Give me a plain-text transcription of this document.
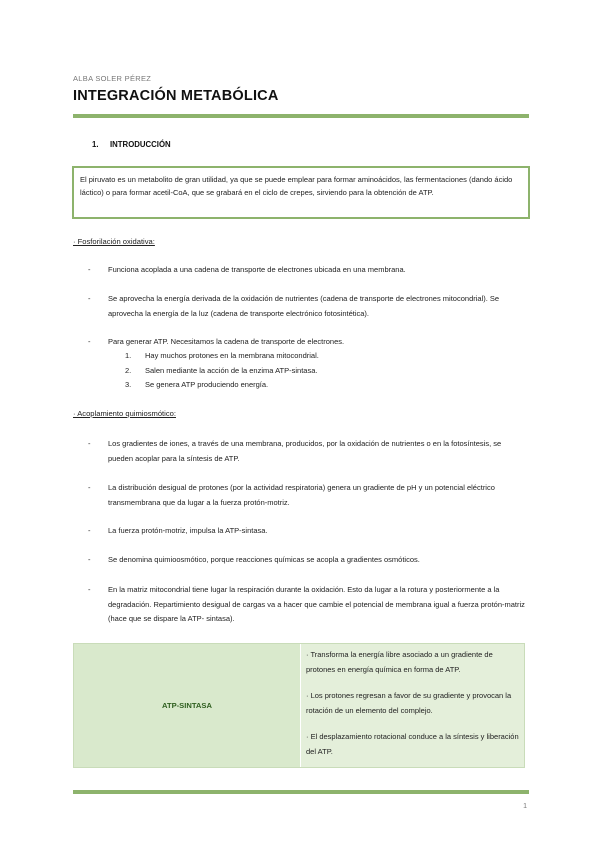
ALBA SOLER PÉREZ
INTEGRACIÓN METABÓLICA
1. INTRODUCCIÓN
El piruvato es un metabolito de gran utilidad, ya que se puede emplear para formar aminoácidos, las fermentaciones (dando ácido láctico) o para formar acetil-CoA, que se grabará en el ciclo de crepes, sirviendo para la obtención de ATP.
· Fosforilación oxidativa:
- Funciona acoplada a una cadena de transporte de electrones ubicada en una membrana.
- Se aprovecha la energía derivada de la oxidación de nutrientes (cadena de transporte de electrones mitocondrial). Se aprovecha la energía de la luz (cadena de transporte electrónico fotosintética).
- Para generar ATP. Necesitamos la cadena de transporte de electrones.
1. Hay muchos protones en la membrana mitocondrial.
2. Salen mediante la acción de la enzima ATP-sintasa.
3. Se genera ATP produciendo energía.
· Acoplamiento quimiosmótico:
- Los gradientes de iones, a través de una membrana, producidos, por la oxidación de nutrientes o en la fotosíntesis, se pueden acoplar para la síntesis de ATP.
- La distribución desigual de protones (por la actividad respiratoria) genera un gradiente de pH y un potencial eléctrico transmembrana que da lugar a la fuerza protón-motriz.
- La fuerza protón-motriz, impulsa la ATP-sintasa.
- Se denomina quimioosmótico, porque reacciones químicas se acopla a gradientes osmóticos.
- En la matriz mitocondrial tiene lugar la respiración durante la oxidación. Esto da lugar a la rotura y posteriormente a la degradación. Repartimiento desigual de cargas va a hacer que cambie el potencial de membrana igual a fuerza protón-matriz (hace que se dispare la ATP- sintasa).
ATP-SINTASA

· Transforma la energía libre asociado a un gradiente de protones en energía química en forma de ATP.

· Los protones regresan a favor de su gradiente y provocan la rotación de un elemento del complejo.

· El desplazamiento rotacional conduce a la síntesis y liberación del ATP.

1
